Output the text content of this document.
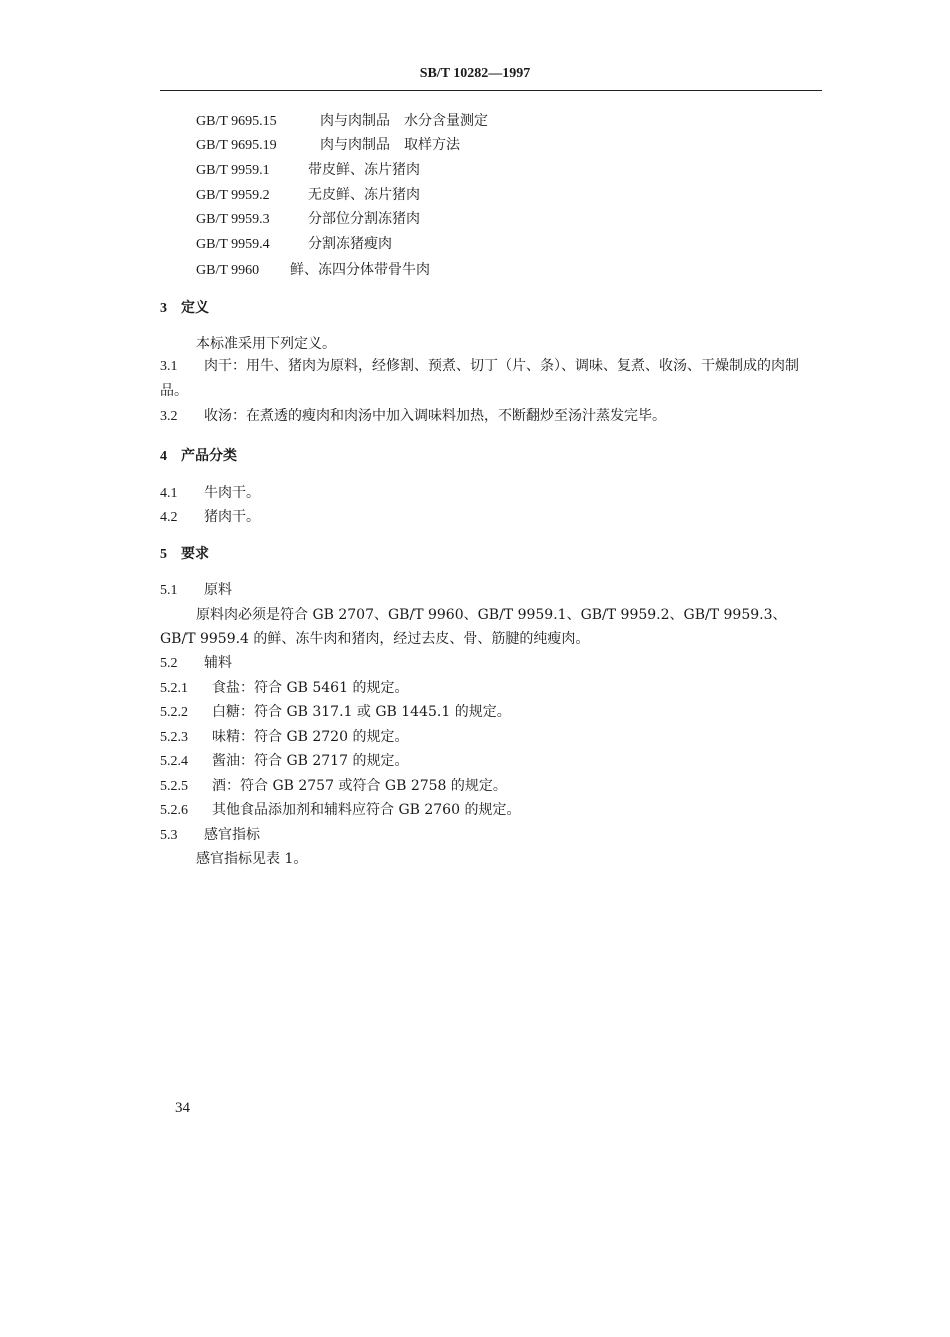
SB/T 10282—1997
GB/T 9695.15	肉与肉制品　水分含量测定
GB/T 9695.19	肉与肉制品　取样方法
GB/T 9959.1	带皮鲜、冻片猪肉
GB/T 9959.2	无皮鲜、冻片猪肉
GB/T 9959.3	分部位分割冻猪肉
GB/T 9959.4	分割冻猪瘦肉
GB/T 9960 鲜、冻四分体带骨牛肉
3 定义
本标准采用下列定义。
3.1 肉干：用牛、猪肉为原料，经修割、预煮、切丁（片、条）、调味、复煮、收汤、干燥制成的肉制品。
3.2 收汤：在煮透的瘦肉和肉汤中加入调味料加热，不断翻炒至汤汁蒸发完毕。
4 产品分类
4.1 牛肉干。
4.2 猪肉干。
5 要求
5.1 原料
原料肉必须是符合 GB 2707、GB/T 9960、GB/T 9959.1、GB/T 9959.2、GB/T 9959.3、
GB/T 9959.4 的鲜、冻牛肉和猪肉，经过去皮、骨、筋腱的纯瘦肉。
5.2 辅料
5.2.1 食盐：符合 GB 5461 的规定。
5.2.2 白糖：符合 GB 317.1 或 GB 1445.1 的规定。
5.2.3 味精：符合 GB 2720 的规定。
5.2.4 酱油：符合 GB 2717 的规定。
5.2.5 酒：符合 GB 2757 或符合 GB 2758 的规定。
5.2.6 其他食品添加剂和辅料应符合 GB 2760 的规定。
5.3 感官指标
感官指标见表 1。
34
